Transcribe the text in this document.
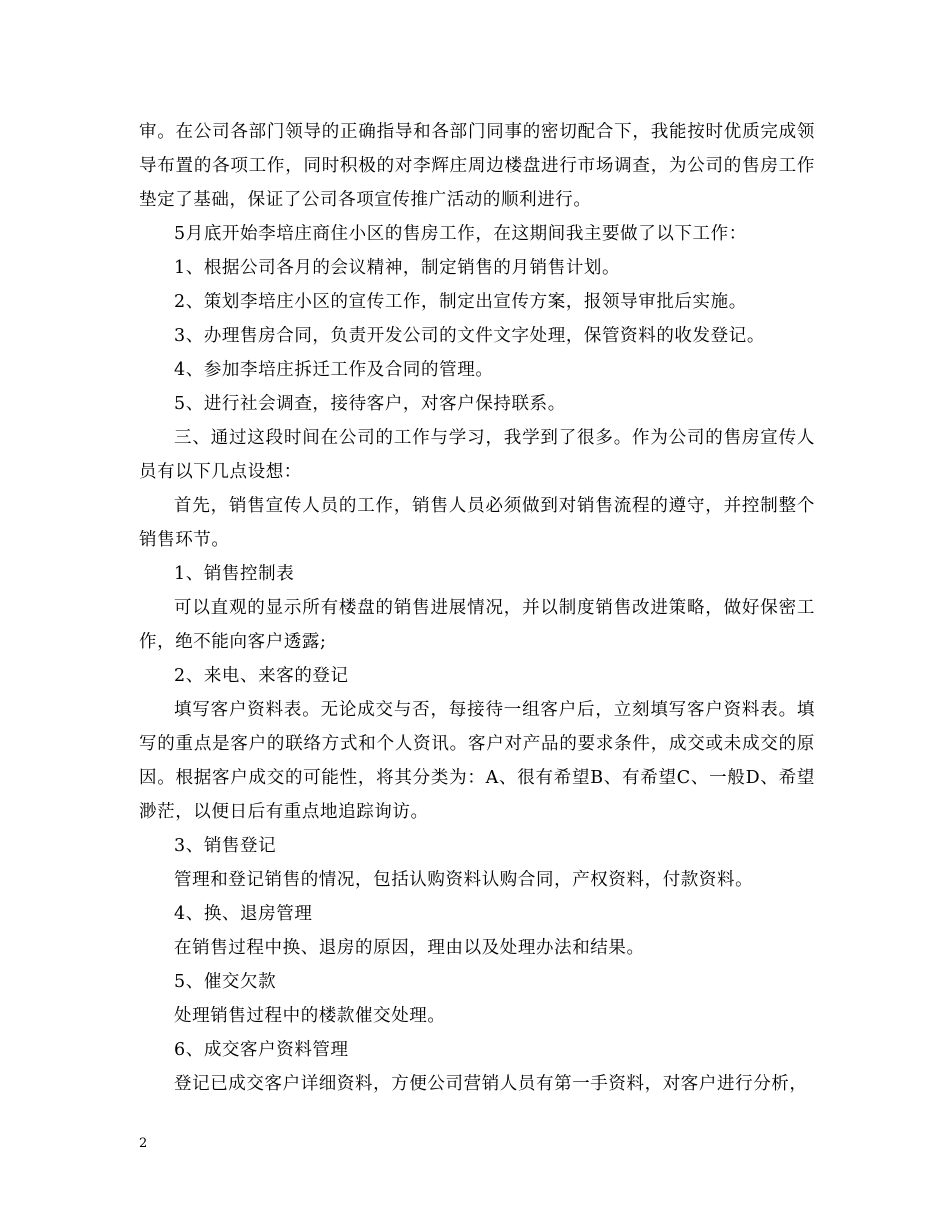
审。在公司各部门领导的正确指导和各部门同事的密切配合下，我能按时优质完成领导布置的各项工作，同时积极的对李辉庄周边楼盘进行市场调查，为公司的售房工作垫定了基础，保证了公司各项宣传推广活动的顺利进行。

5月底开始李培庄商住小区的售房工作，在这期间我主要做了以下工作：

1、根据公司各月的会议精神，制定销售的月销售计划。

2、策划李培庄小区的宣传工作，制定出宣传方案，报领导审批后实施。

3、办理售房合同，负责开发公司的文件文字处理，保管资料的收发登记。

4、参加李培庄拆迁工作及合同的管理。

5、进行社会调查，接待客户，对客户保持联系。

三、通过这段时间在公司的工作与学习，我学到了很多。作为公司的售房宣传人员有以下几点设想：

首先，销售宣传人员的工作，销售人员必须做到对销售流程的遵守，并控制整个销售环节。

1、销售控制表

可以直观的显示所有楼盘的销售进展情况，并以制度销售改进策略，做好保密工作，绝不能向客户透露;

2、来电、来客的登记

填写客户资料表。无论成交与否，每接待一组客户后，立刻填写客户资料表。填写的重点是客户的联络方式和个人资讯。客户对产品的要求条件，成交或未成交的原因。根据客户成交的可能性，将其分类为：A、很有希望B、有希望C、一般D、希望渺茫，以便日后有重点地追踪询访。

3、销售登记

管理和登记销售的情况，包括认购资料认购合同，产权资料，付款资料。

4、换、退房管理

在销售过程中换、退房的原因，理由以及处理办法和结果。

5、催交欠款

处理销售过程中的楼款催交处理。

6、成交客户资料管理

登记已成交客户详细资料，方便公司营销人员有第一手资料，对客户进行分析，

2
